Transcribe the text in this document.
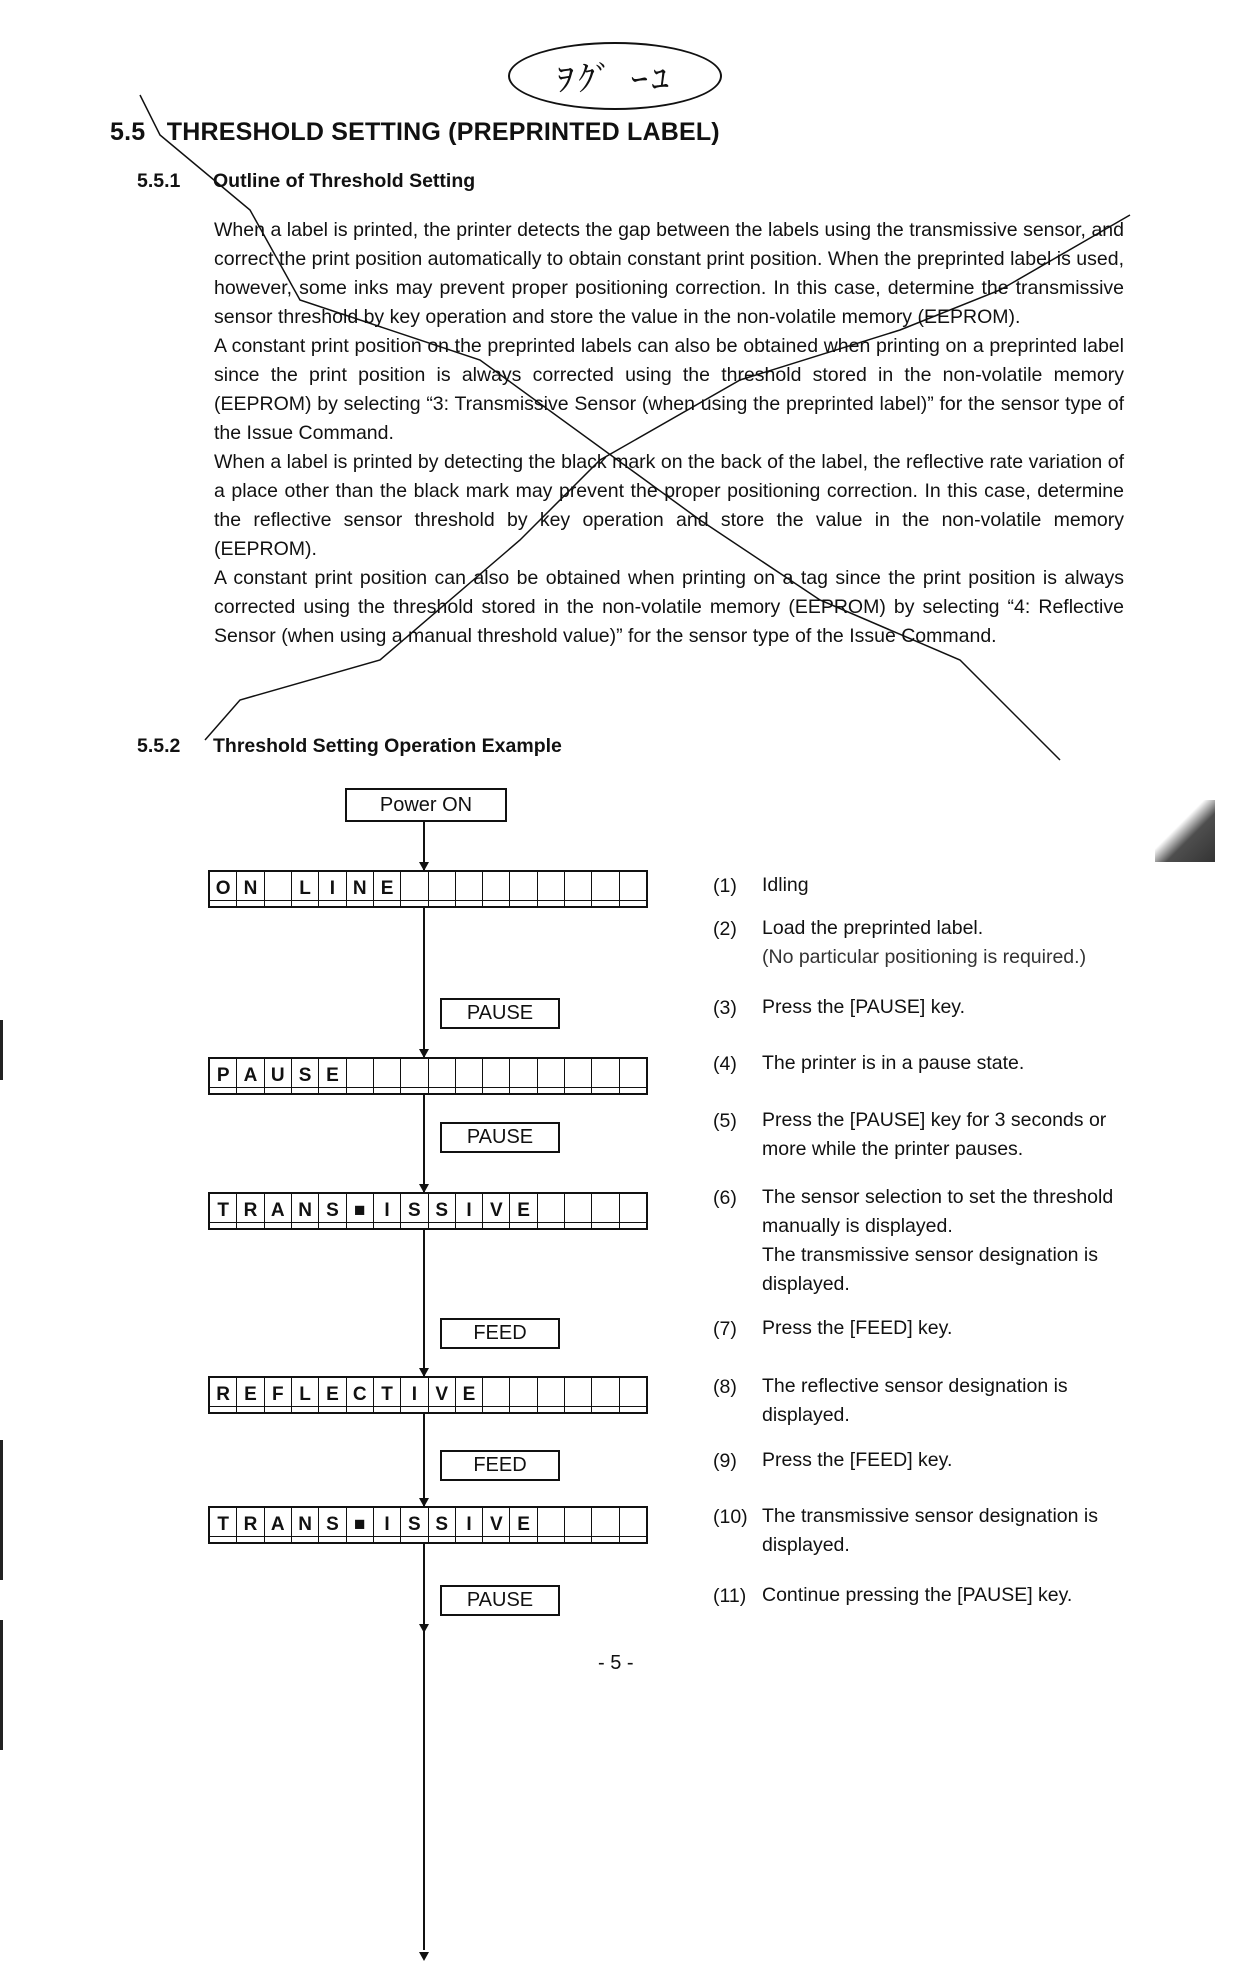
ｦｸﾞ ｰﾕ
5.5 THRESHOLD SETTING (PREPRINTED LABEL)
5.5.1 Outline of Threshold Setting

When a label is printed, the printer detects the gap between the labels using the transmissive sensor, and correct the print position automatically to obtain constant print position. When the preprinted label is used, however, some inks may prevent proper positioning correction. In this case, determine the transmissive sensor threshold by key operation and store the value in the non-volatile memory (EEPROM).

A constant print position on the preprinted labels can also be obtained when printing on a preprinted label since the print position is always corrected using the threshold stored in the non-volatile memory (EEPROM) by selecting “3: Transmissive Sensor (when using the preprinted label)” for the sensor type of the Issue Command.

When a label is printed by detecting the black mark on the back of the label, the reflective rate variation of a place other than the black mark may prevent the proper positioning correction. In this case, determine the reflective sensor threshold by key operation and store the value in the non-volatile memory (EEPROM).

A constant print position can also be obtained when printing on a tag since the print position is always corrected using the threshold stored in the non-volatile memory (EEPROM) by selecting “4: Reflective Sensor (when using a manual threshold value)” for the sensor type of the Issue Command.

5.5.2 Threshold Setting Operation Example
Power ON
O N	L I N E
P A U S E
T R A N S ■ I S S I V E
R E F L E C T I V E
T R A N S ■ I S S I V E
PAUSE
PAUSE
FEED
FEED
PAUSE
(1) Idling
(2) Load the preprinted label.
(No particular positioning is required.)
(3) Press the [PAUSE] key.
(4) The printer is in a pause state.
(5) Press the [PAUSE] key for 3 seconds or more while the printer pauses.
(6) The sensor selection to set the threshold manually is displayed.
The transmissive sensor designation is displayed.
(7) Press the [FEED] key.
(8) The reflective sensor designation is displayed.
(9) Press the [FEED] key.
(10) The transmissive sensor designation is displayed.
(11) Continue pressing the [PAUSE] key.
- 5 -
